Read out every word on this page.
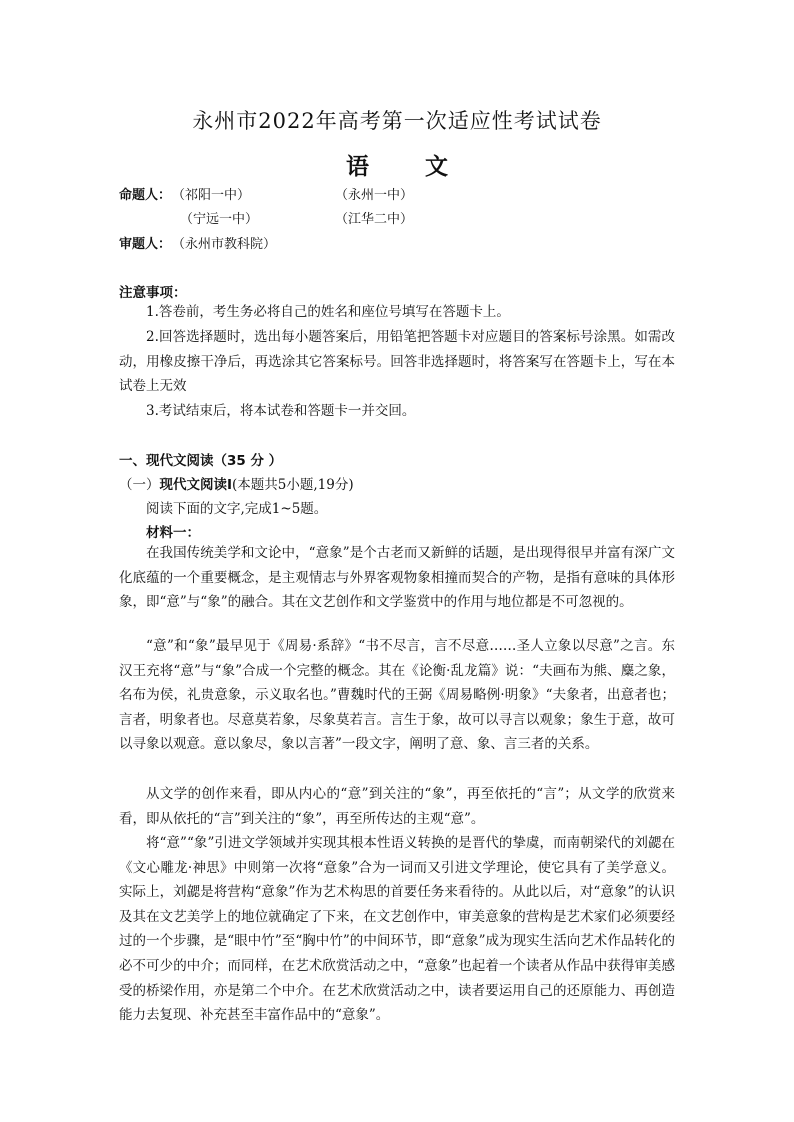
永州市2022年高考第一次适应性考试试卷
语 文
命题人： （祁阳一中）	（永州一中）
（宁远一中）	（江华二中）
审题人： （永州市教科院）
注意事项：
1.答卷前，考生务必将自己的姓名和座位号填写在答题卡上。
2.回答选择题时，选出每小题答案后，用铅笔把答题卡对应题目的答案标号涂黑。如需改动，用橡皮擦干净后，再选涂其它答案标号。回答非选择题时，将答案写在答题卡上，写在本试卷上无效
3.考试结束后，将本试卷和答题卡一并交回。
一、现代文阅读（35 分 ）
（一）现代文阅读Ⅰ(本题共5小题,19分)
阅读下面的文字,完成1~5题。
材料一：
在我国传统美学和文论中，“意象”是个古老而又新鲜的话题，是出现得很早并富有深广文化底蕴的一个重要概念，是主观情志与外界客观物象相撞而契合的产物，是指有意味的具体形象，即“意”与“象”的融合。其在文艺创作和文学鉴赏中的作用与地位都是不可忽视的。
“意”和“象”最早见于《周易·系辞》“书不尽言，言不尽意……圣人立象以尽意”之言。东汉王充将“意”与“象”合成一个完整的概念。其在《论衡·乱龙篇》说：“夫画布为熊、麋之象，名布为侯，礼贵意象，示义取名也。”曹魏时代的王弼《周易略例·明象》“夫象者，出意者也；言者，明象者也。尽意莫若象，尽象莫若言。言生于象，故可以寻言以观象；象生于意，故可以寻象以观意。意以象尽，象以言著”一段文字，阐明了意、象、言三者的关系。
从文学的创作来看，即从内心的“意”到关注的“象”，再至依托的“言”；从文学的欣赏来看，即从依托的“言”到关注的“象”，再至所传达的主观“意”。
将“意”“象”引进文学领域并实现其根本性语义转换的是晋代的挚虞，而南朝梁代的刘勰在《文心雕龙·神思》中则第一次将“意象”合为一词而又引进文学理论，使它具有了美学意义。实际上，刘勰是将营构“意象”作为艺术构思的首要任务来看待的。从此以后，对“意象”的认识及其在文艺美学上的地位就确定了下来，在文艺创作中，审美意象的营构是艺术家们必须要经过的一个步骤，是“眼中竹”至“胸中竹”的中间环节，即“意象”成为现实生活向艺术作品转化的必不可少的中介；而同样，在艺术欣赏活动之中，“意象”也起着一个读者从作品中获得审美感受的桥梁作用，亦是第二个中介。在艺术欣赏活动之中，读者要运用自己的还原能力、再创造能力去复现、补充甚至丰富作品中的“意象”。
